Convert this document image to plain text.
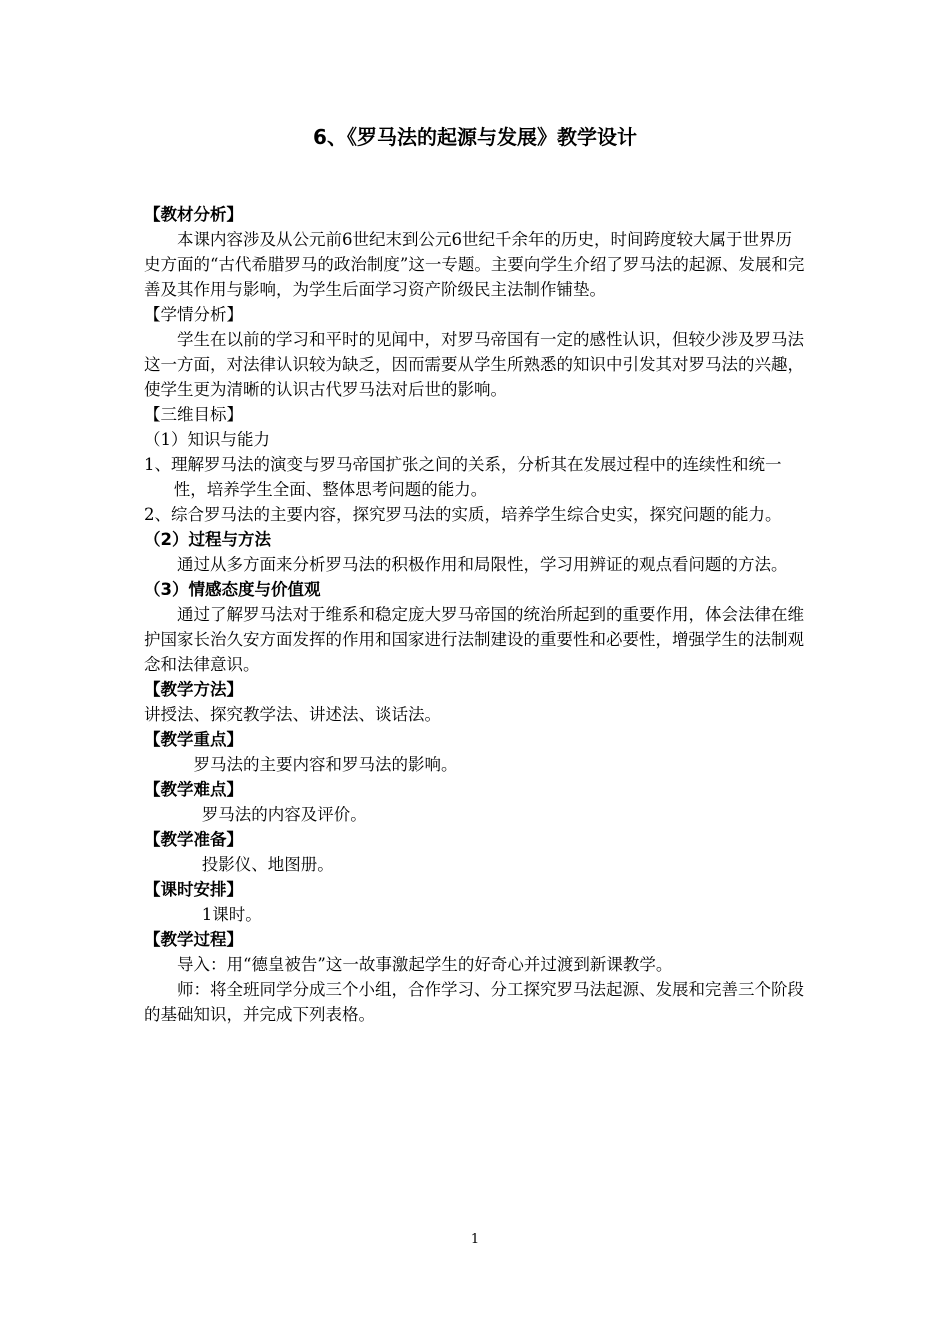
6、《罗马法的起源与发展》教学设计

【教材分析】

本课内容涉及从公元前6世纪末到公元6世纪千余年的历史，时间跨度较大属于世界历史方面的“古代希腊罗马的政治制度”这一专题。主要向学生介绍了罗马法的起源、发展和完善及其作用与影响，为学生后面学习资产阶级民主法制作铺垫。

【学情分析】

学生在以前的学习和平时的见闻中，对罗马帝国有一定的感性认识，但较少涉及罗马法这一方面，对法律认识较为缺乏，因而需要从学生所熟悉的知识中引发其对罗马法的兴趣，使学生更为清晰的认识古代罗马法对后世的影响。

【三维目标】

（1）知识与能力

1、理解罗马法的演变与罗马帝国扩张之间的关系，分析其在发展过程中的连续性和统一性，培养学生全面、整体思考问题的能力。

2、综合罗马法的主要内容，探究罗马法的实质，培养学生综合史实，探究问题的能力。

（2）过程与方法

通过从多方面来分析罗马法的积极作用和局限性，学习用辨证的观点看问题的方法。

（3）情感态度与价值观

通过了解罗马法对于维系和稳定庞大罗马帝国的统治所起到的重要作用，体会法律在维护国家长治久安方面发挥的作用和国家进行法制建设的重要性和必要性，增强学生的法制观念和法律意识。

【教学方法】

讲授法、探究教学法、讲述法、谈话法。

【教学重点】

罗马法的主要内容和罗马法的影响。

【教学难点】

罗马法的内容及评价。

【教学准备】

投影仪、地图册。

【课时安排】

1课时。

【教学过程】

导入：用“德皇被告”这一故事激起学生的好奇心并过渡到新课教学。

师：将全班同学分成三个小组，合作学习、分工探究罗马法起源、发展和完善三个阶段的基础知识，并完成下列表格。

1
